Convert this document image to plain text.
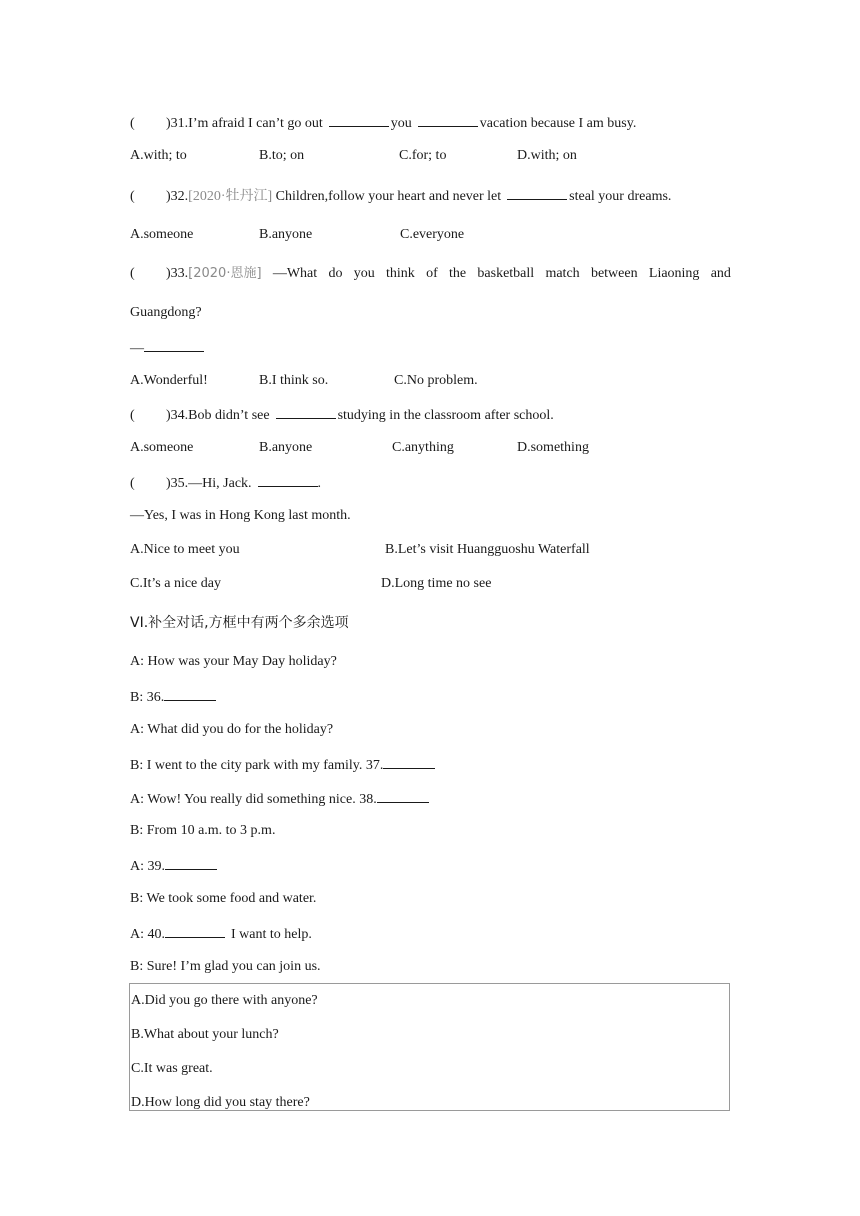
( )31.I’m afraid I can’t go out	you	vacation because I am busy.
A.with; to	B.to; on	C.for; to	D.with; on
( )32.[2020·牡丹江] Children,follow your heart and never let	steal your dreams.
A.someone	B.anyone	C.everyone
( )33.[2020·恩施] —What do you think of the basketball match between Liaoning and
Guangdong?
—
A.Wonderful!	B.I think so.	C.No problem.
( )34.Bob didn’t see	studying in the classroom after school.
A.someone	B.anyone	C.anything	D.something
( )35.—Hi, Jack.	.
—Yes, I was in Hong Kong last month.
A.Nice to meet you	B.Let’s visit Huangguoshu Waterfall
C.It’s a nice day	D.Long time no see
VI.补全对话,方框中有两个多余选项
A: How was your May Day holiday?
B: 36.
A: What did you do for the holiday?
B: I went to the city park with my family. 37.
A: Wow! You really did something nice. 38.
B: From 10 a.m. to 3 p.m.
A: 39.
B: We took some food and water.
A: 40.	I want to help.
B: Sure! I’m glad you can join us.
A.Did you go there with anyone?
B.What about your lunch?
C.It was great.
D.How long did you stay there?
